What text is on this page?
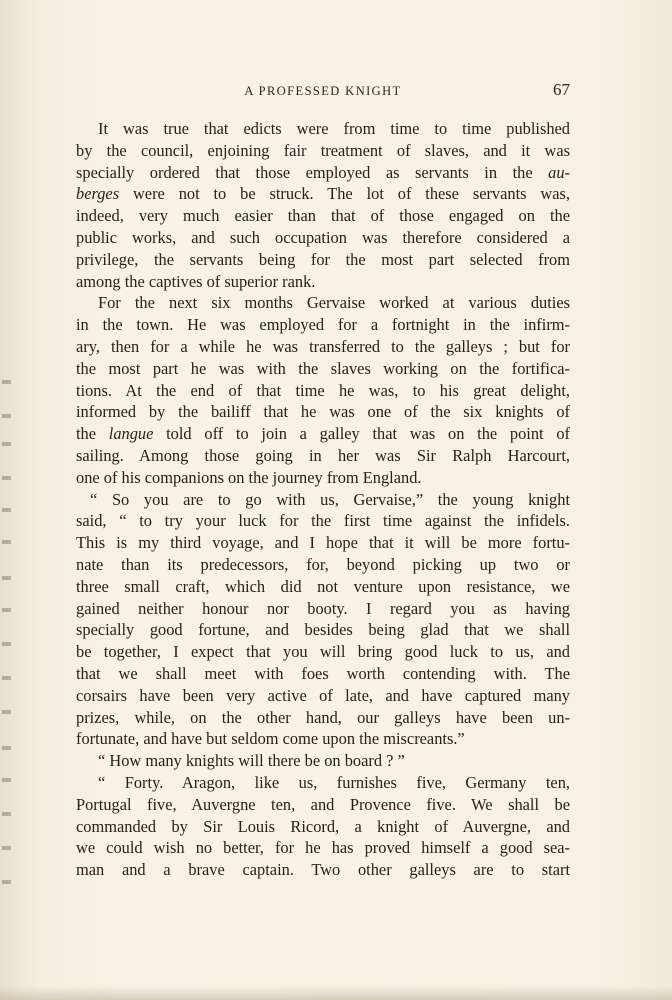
A PROFESSED KNIGHT	67
It was true that edicts were from time to time published
by the council, enjoining fair treatment of slaves, and it was
specially ordered that those employed as servants in the au-
berges were not to be struck. The lot of these servants was,
indeed, very much easier than that of those engaged on the
public works, and such occupation was therefore considered a
privilege, the servants being for the most part selected from
among the captives of superior rank.
For the next six months Gervaise worked at various duties
in the town. He was employed for a fortnight in the infirm-
ary, then for a while he was transferred to the galleys ; but for
the most part he was with the slaves working on the fortifica-
tions. At the end of that time he was, to his great delight,
informed by the bailiff that he was one of the six knights of
the langue told off to join a galley that was on the point of
sailing. Among those going in her was Sir Ralph Harcourt,
one of his companions on the journey from England.
“ So you are to go with us, Gervaise,” the young knight
said, “ to try your luck for the first time against the infidels.
This is my third voyage, and I hope that it will be more fortu-
nate than its predecessors, for, beyond picking up two or
three small craft, which did not venture upon resistance, we
gained neither honour nor booty. I regard you as having
specially good fortune, and besides being glad that we shall
be together, I expect that you will bring good luck to us, and
that we shall meet with foes worth contending with. The
corsairs have been very active of late, and have captured many
prizes, while, on the other hand, our galleys have been un-
fortunate, and have but seldom come upon the miscreants.”
“ How many knights will there be on board ? ”
“ Forty. Aragon, like us, furnishes five, Germany ten,
Portugal five, Auvergne ten, and Provence five. We shall be
commanded by Sir Louis Ricord, a knight of Auvergne, and
we could wish no better, for he has proved himself a good sea-
man and a brave captain. Two other galleys are to start
